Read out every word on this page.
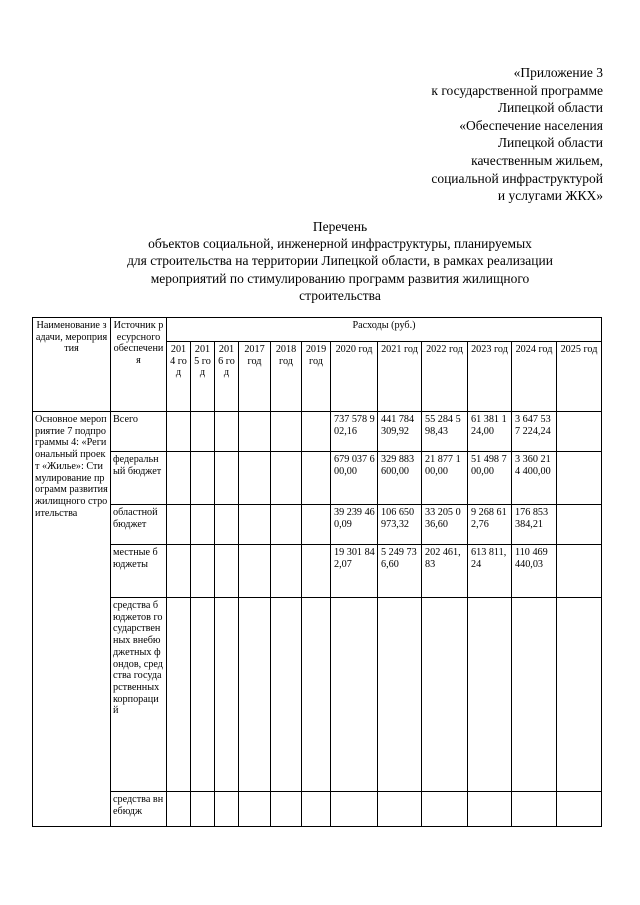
«Приложение 3
к государственной программе
Липецкой области
«Обеспечение населения
Липецкой области
качественным жильем,
социальной инфраструктурой
и услугами ЖКХ»
Перечень
объектов социальной, инженерной инфраструктуры, планируемых
для строительства на территории Липецкой области, в рамках реализации
мероприятий по стимулированию программ развития жилищного
строительства
Наименование задачи, мероприятия	Источник ресурсного обеспечения	Расходы (руб.)											
		2014 год	2015 год	2016 год	2017 год	2018 год	2019 год	2020 год	2021 год	2022 год	2023 год	2024 год	2025 год
Основное мероприятие 7 подпрограммы 4: «Региональный проект «Жилье»: Стимулирование программ развития жилищного строительства	Всего							737 578 902,16	441 784 309,92	55 284 598,43	61 381 124,00	3 647 537 224,24	
	федеральный бюджет							679 037 600,00	329 883 600,00	21 877 100,00	51 498 700,00	3 360 214 400,00	
	областной бюджет							39 239 460,09	106 650 973,32	33 205 036,60	9 268 612,76	176 853 384,21	
	местные бюджеты							19 301 842,07	5 249 736,60	202 461,83	613 811,24	110 469 440,03	
	средства бюджетов государственных внебюджетных фондов, средства государственных корпораций												
	средства внебюдж												
